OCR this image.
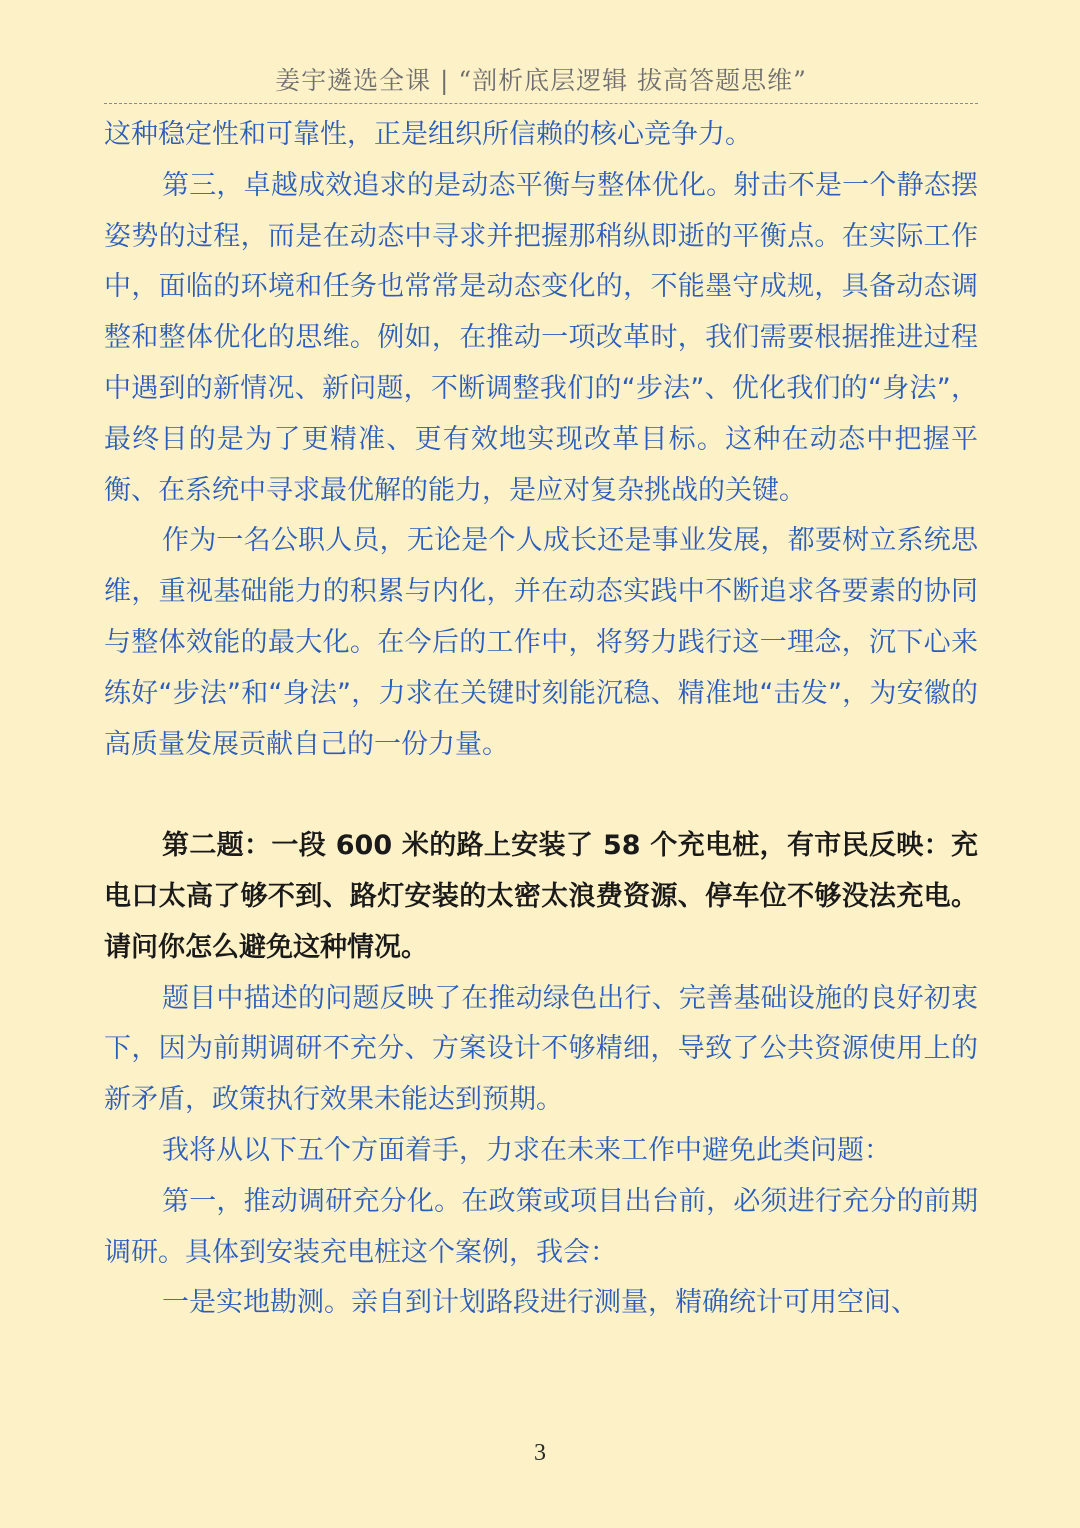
姜宇遴选全课 | “剖析底层逻辑 拔高答题思维”

这种稳定性和可靠性，正是组织所信赖的核心竞争力。

第三，卓越成效追求的是动态平衡与整体优化。射击不是一个静态摆姿势的过程，而是在动态中寻求并把握那稍纵即逝的平衡点。在实际工作中，面临的环境和任务也常常是动态变化的，不能墨守成规，具备动态调整和整体优化的思维。例如，在推动一项改革时，我们需要根据推进过程中遇到的新情况、新问题，不断调整我们的“步法”、优化我们的“身法”，最终目的是为了更精准、更有效地实现改革目标。这种在动态中把握平衡、在系统中寻求最优解的能力，是应对复杂挑战的关键。

作为一名公职人员，无论是个人成长还是事业发展，都要树立系统思维，重视基础能力的积累与内化，并在动态实践中不断追求各要素的协同与整体效能的最大化。在今后的工作中，将努力践行这一理念，沉下心来练好“步法”和“身法”，力求在关键时刻能沉稳、精准地“击发”，为安徽的高质量发展贡献自己的一份力量。

第二题：一段 600 米的路上安装了 58 个充电桩，有市民反映：充电口太高了够不到、路灯安装的太密太浪费资源、停车位不够没法充电。请问你怎么避免这种情况。

题目中描述的问题反映了在推动绿色出行、完善基础设施的良好初衷下，因为前期调研不充分、方案设计不够精细，导致了公共资源使用上的新矛盾，政策执行效果未能达到预期。

我将从以下五个方面着手，力求在未来工作中避免此类问题：

第一，推动调研充分化。在政策或项目出台前，必须进行充分的前期调研。具体到安装充电桩这个案例，我会：

一是实地勘测。亲自到计划路段进行测量，精确统计可用空间、

3
